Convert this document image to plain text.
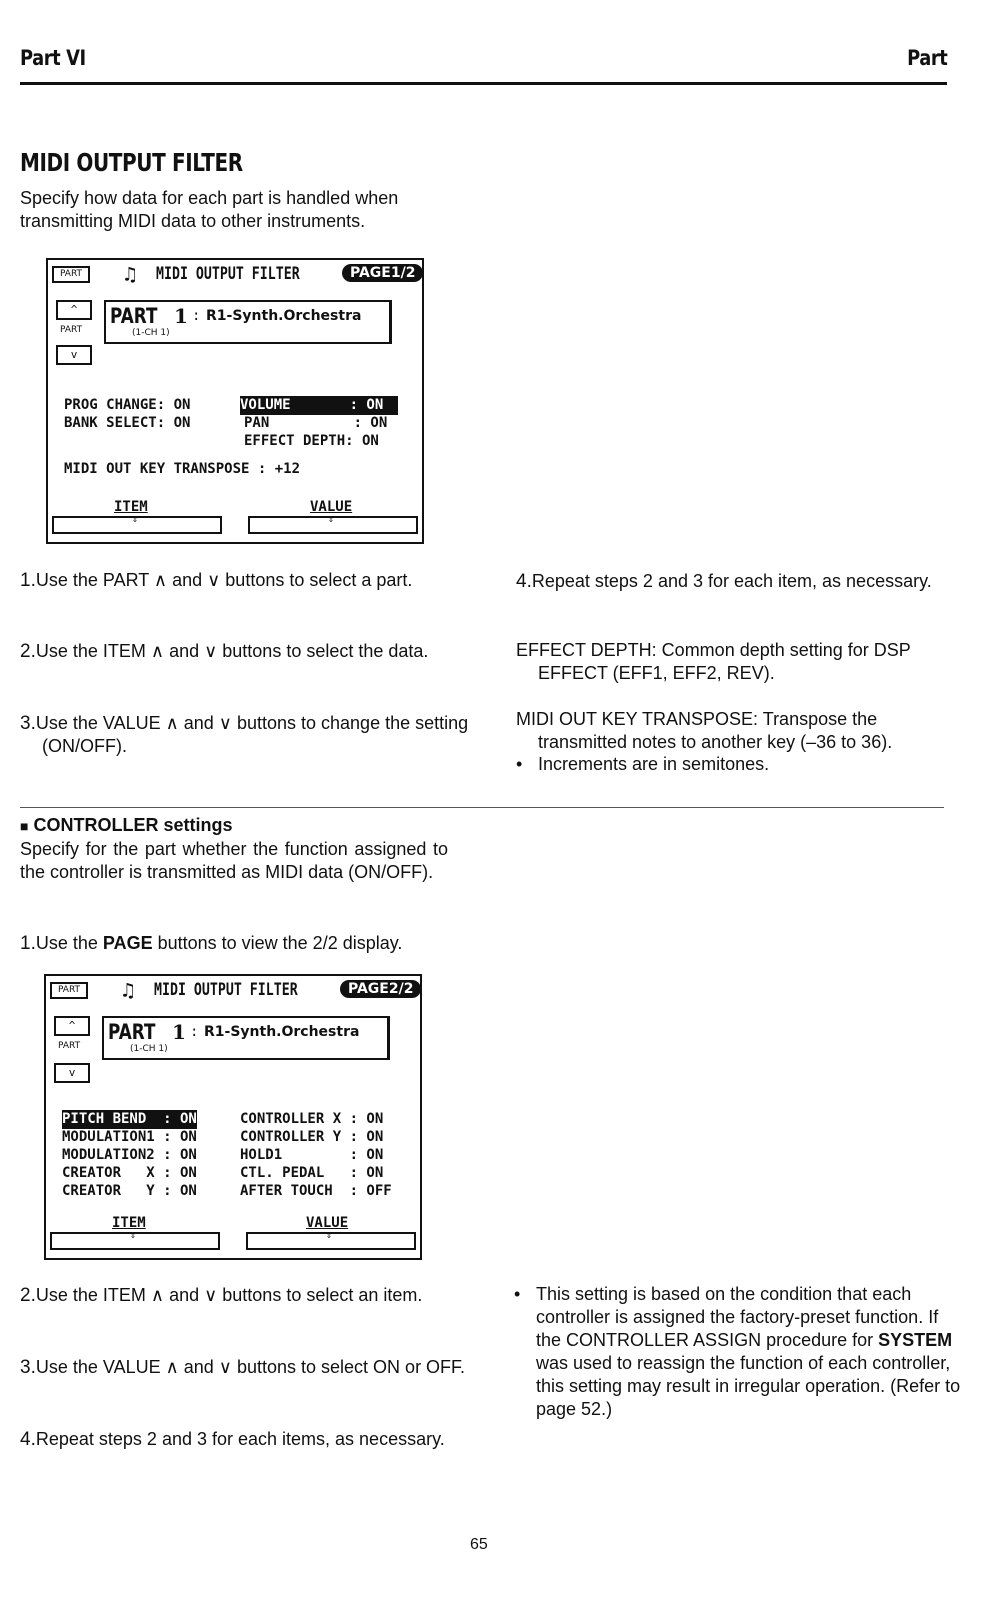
Part VI	Part
MIDI OUTPUT FILTER
Specify how data for each part is handled when transmitting MIDI data to other instruments.
PART	♫ MIDI OUTPUT FILTER	PAGE1/2
^
PART
v
PART 1 : R1-Synth.Orchestra
(1-CH 1)
PROG CHANGE: ON
BANK SELECT: ON
VOLUME       : ON
PAN          : ON
EFFECT DEPTH: ON
MIDI OUT KEY TRANSPOSE : +12
ITEM	VALUE
⇕	⇕
1.Use the PART ∧ and ∨ buttons to select a part.
2.Use the ITEM ∧ and ∨ buttons to select the data.
3.Use the VALUE ∧ and ∨ buttons to change the setting (ON/OFF).
4.Repeat steps 2 and 3 for each item, as necessary.
EFFECT DEPTH: Common depth setting for DSP EFFECT (EFF1, EFF2, REV).
MIDI OUT KEY TRANSPOSE: Transpose the transmitted notes to another key (–36 to 36).
• Increments are in semitones.
■ CONTROLLER settings
Specify for the part whether the function assigned to the controller is transmitted as MIDI data (ON/OFF).
1.Use the PAGE buttons to view the 2/2 display.
PART	♫ MIDI OUTPUT FILTER	PAGE2/2
^
PART
v
PART 1 : R1-Synth.Orchestra
(1-CH 1)
PITCH BEND  : ON
MODULATION1 : ON
MODULATION2 : ON
CREATOR   X : ON
CREATOR   Y : ON
CONTROLLER X : ON
CONTROLLER Y : ON
HOLD1        : ON
CTL. PEDAL   : ON
AFTER TOUCH  : OFF
ITEM	VALUE
⇕	⇕
2.Use the ITEM ∧ and ∨ buttons to select an item.
3.Use the VALUE ∧ and ∨ buttons to select ON or OFF.
4.Repeat steps 2 and 3 for each items, as necessary.
• This setting is based on the condition that each controller is assigned the factory-preset function. If the CONTROLLER ASSIGN procedure for SYSTEM was used to reassign the function of each controller, this setting may result in irregular operation. (Refer to page 52.)
65
